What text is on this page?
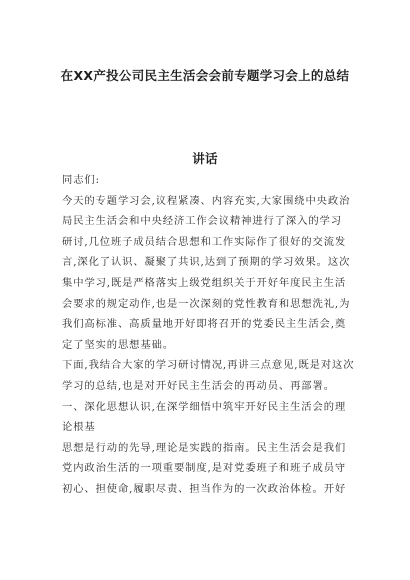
在XX产投公司民主生活会会前专题学习会上的总结
讲话
同志们:
今天的专题学习会,议程紧凑、内容充实,大家围绕中央政治
局民主生活会和中央经济工作会议精神进行了深入的学习
研讨,几位班子成员结合思想和工作实际作了很好的交流发
言,深化了认识、凝聚了共识,达到了预期的学习效果。这次
集中学习,既是严格落实上级党组织关于开好年度民主生活
会要求的规定动作,也是一次深刻的党性教育和思想洗礼,为
我们高标准、高质量地开好即将召开的党委民主生活会,奠
定了坚实的思想基础。
下面,我结合大家的学习研讨情况,再讲三点意见,既是对这次
学习的总结,也是对开好民主生活会的再动员、再部署。
一、深化思想认识,在深学细悟中筑牢开好民主生活会的理
论根基
思想是行动的先导,理论是实践的指南。民主生活会是我们
党内政治生活的一项重要制度,是对党委班子和班子成员守
初心、担使命,履职尽责、担当作为的一次政治体检。开好
